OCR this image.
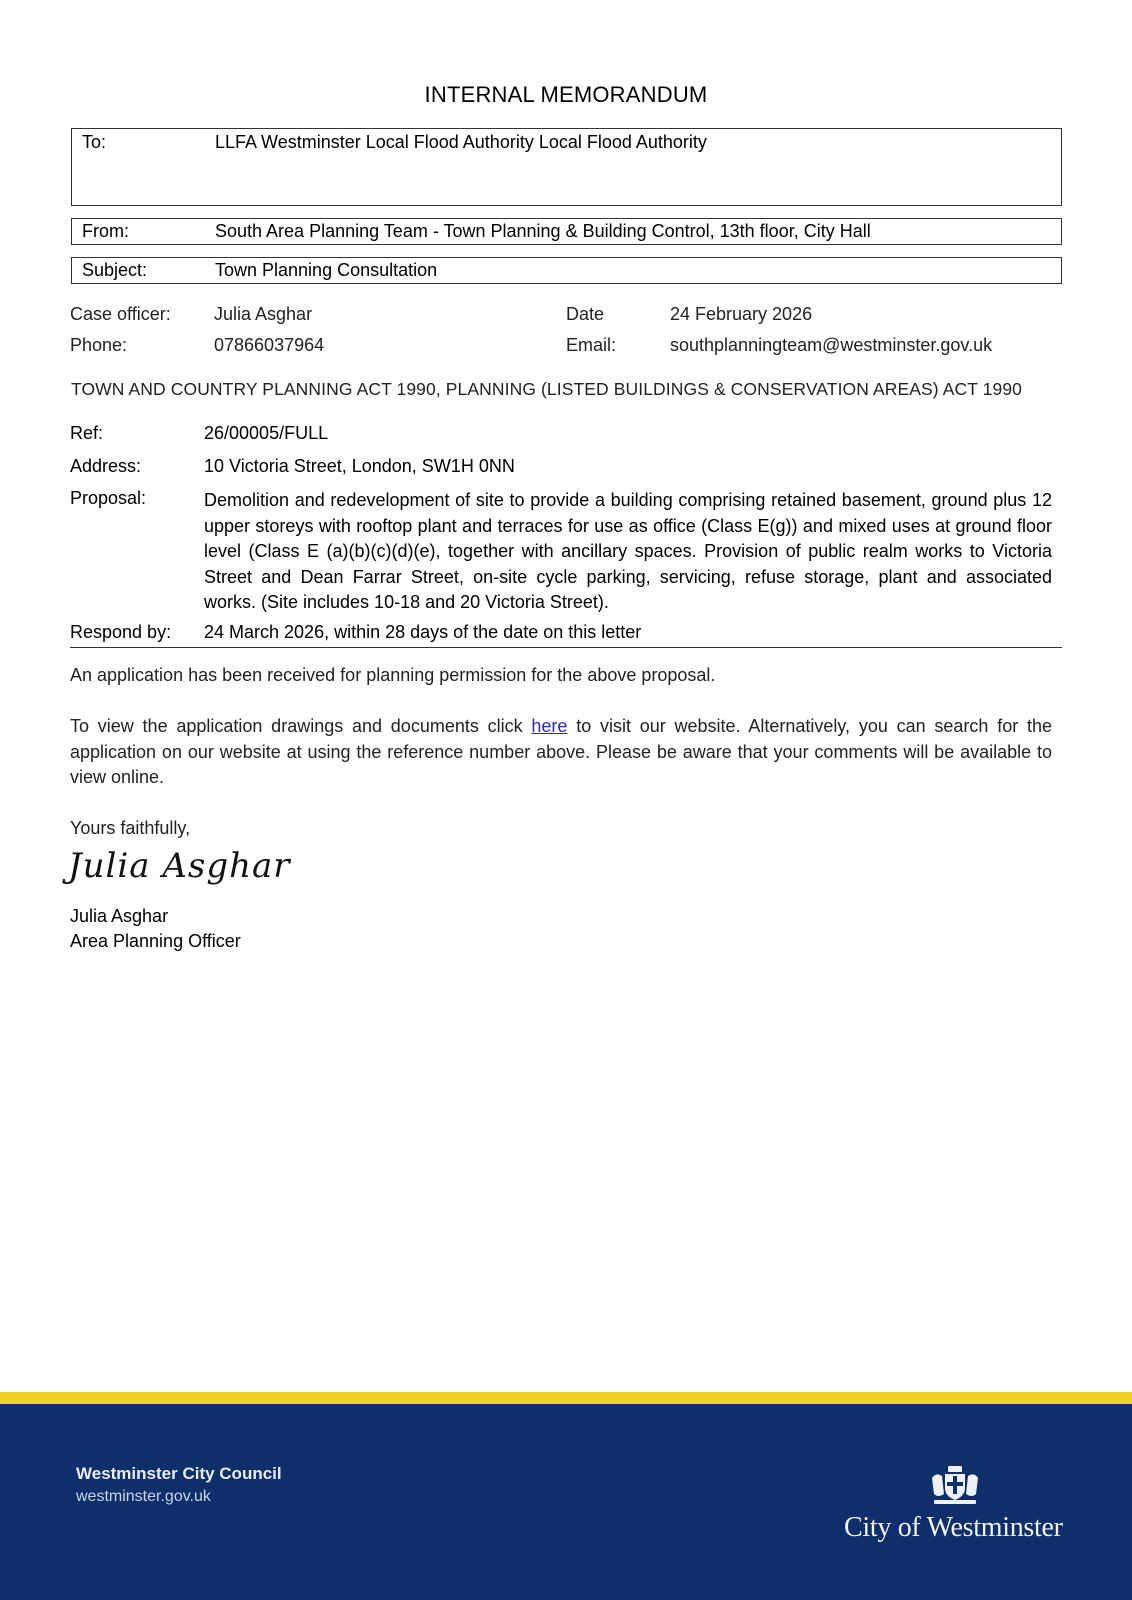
INTERNAL MEMORANDUM
To:	LLFA Westminster Local Flood Authority Local Flood Authority
From:	South Area Planning Team - Town Planning & Building Control, 13th floor, City Hall
Subject:	Town Planning Consultation
Case officer: Julia Asghar	Date	24 February 2026
Phone:	07866037964	Email:	southplanningteam@westminster.gov.uk
TOWN AND COUNTRY PLANNING ACT 1990, PLANNING (LISTED BUILDINGS & CONSERVATION AREAS) ACT 1990
Ref:	26/00005/FULL
Address:	10 Victoria Street, London, SW1H 0NN
Proposal:	Demolition and redevelopment of site to provide a building comprising retained basement, ground plus 12 upper storeys with rooftop plant and terraces for use as office (Class E(g)) and mixed uses at ground floor level (Class E (a)(b)(c)(d)(e), together with ancillary spaces. Provision of public realm works to Victoria Street and Dean Farrar Street, on-site cycle parking, servicing, refuse storage, plant and associated works. (Site includes 10-18 and 20 Victoria Street).
Respond by: 24 March 2026, within 28 days of the date on this letter
An application has been received for planning permission for the above proposal.
To view the application drawings and documents click here to visit our website. Alternatively, you can search for the application on our website at using the reference number above. Please be aware that your comments will be available to view online.
Yours faithfully,
Julia Asghar
Julia Asghar
Area Planning Officer
Westminster City Council
westminster.gov.uk
City of Westminster
